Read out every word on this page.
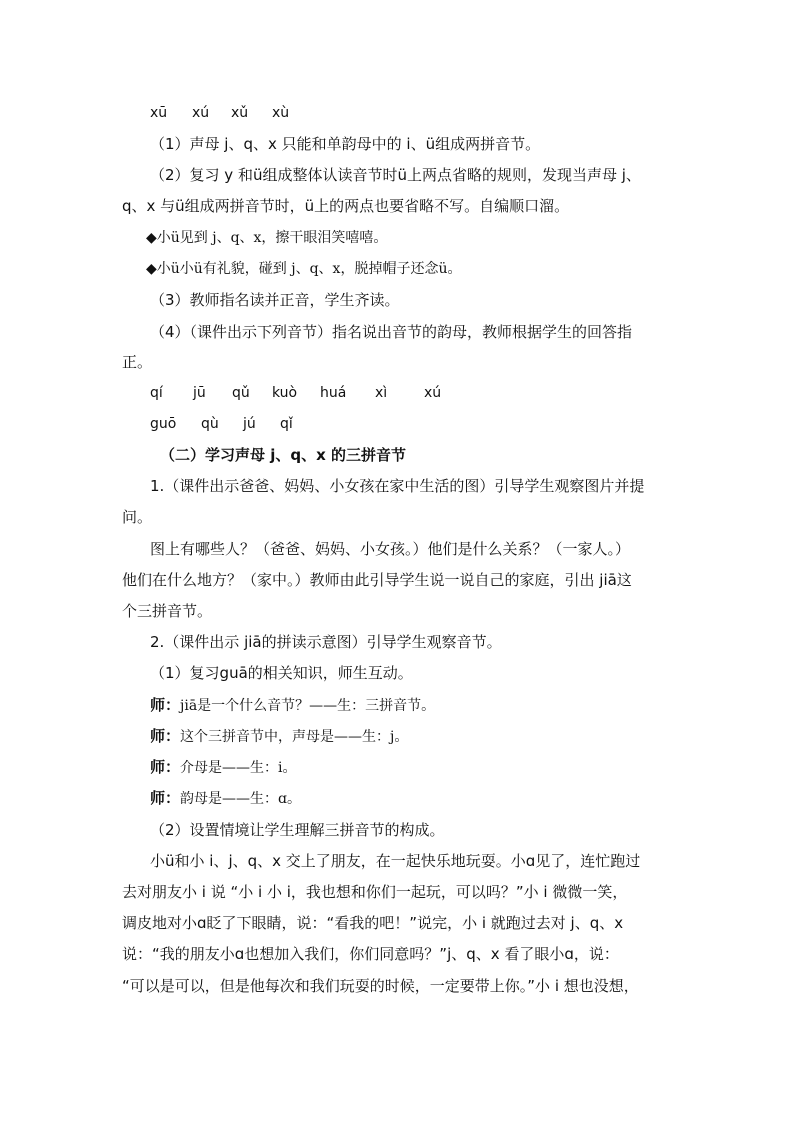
xū xú xǔ xù

（1）声母 j、q、x 只能和单韵母中的 i、ü组成两拼音节。

（2）复习 y 和ü组成整体认读音节时ü上两点省略的规则，发现当声母 j、

q、x 与ü组成两拼音节时，ü上的两点也要省略不写。自编顺口溜。

◆小ü见到 j、q、x，擦干眼泪笑嘻嘻。

◆小ü小ü有礼貌，碰到 j、q、x，脱掉帽子还念ü。

（3）教师指名读并正音，学生齐读。

（4）（课件出示下列音节）指名说出音节的韵母，教师根据学生的回答指

正。

qí jū qǔ kuò huá xì	xú
guō qù jú qǐ

（二）学习声母 j、q、x 的三拼音节

1.（课件出示爸爸、妈妈、小女孩在家中生活的图）引导学生观察图片并提

问。

图上有哪些人？（爸爸、妈妈、小女孩。）他们是什么关系？（一家人。）

他们在什么地方？（家中。）教师由此引导学生说一说自己的家庭，引出 jiā这

个三拼音节。

2.（课件出示 jiā的拼读示意图）引导学生观察音节。

（1）复习guā的相关知识，师生互动。

师：jiā是一个什么音节？——生：三拼音节。

师：这个三拼音节中，声母是——生：j。

师：介母是——生：i。

师：韵母是——生：ɑ。

（2）设置情境让学生理解三拼音节的构成。

小ü和小 i、j、q、x 交上了朋友，在一起快乐地玩耍。小ɑ见了，连忙跑过

去对朋友小 i 说 “小 i 小 i，我也想和你们一起玩，可以吗？”小 i 微微一笑，

调皮地对小ɑ眨了下眼睛，说：“看我的吧！”说完，小 i 就跑过去对 j、q、x

说：“我的朋友小ɑ也想加入我们，你们同意吗？”j、q、x 看了眼小ɑ，说：

“可以是可以，但是他每次和我们玩耍的时候，一定要带上你。”小 i 想也没想，
